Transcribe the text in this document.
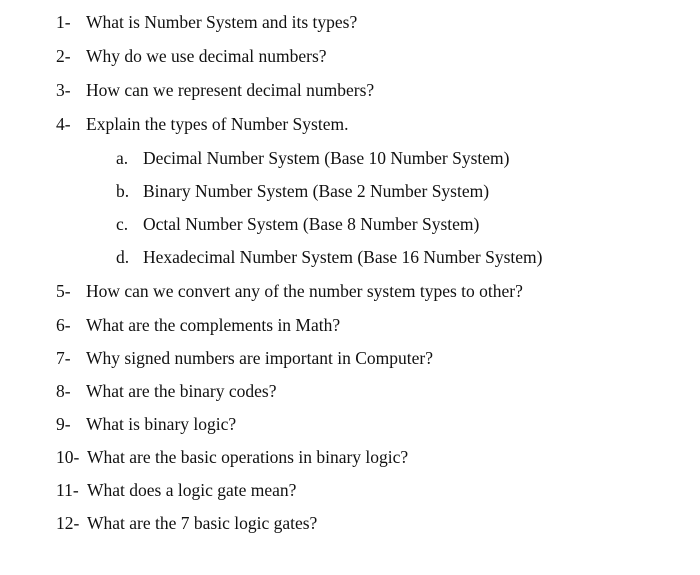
1- What is Number System and its types?
2- Why do we use decimal numbers?
3- How can we represent decimal numbers?
4- Explain the types of Number System.
a. Decimal Number System (Base 10 Number System)
b. Binary Number System (Base 2 Number System)
c. Octal Number System (Base 8 Number System)
d. Hexadecimal Number System (Base 16 Number System)
5- How can we convert any of the number system types to other?
6- What are the complements in Math?
7- Why signed numbers are important in Computer?
8- What are the binary codes?
9- What is binary logic?
10- What are the basic operations in binary logic?
11- What does a logic gate mean?
12- What are the 7 basic logic gates?
